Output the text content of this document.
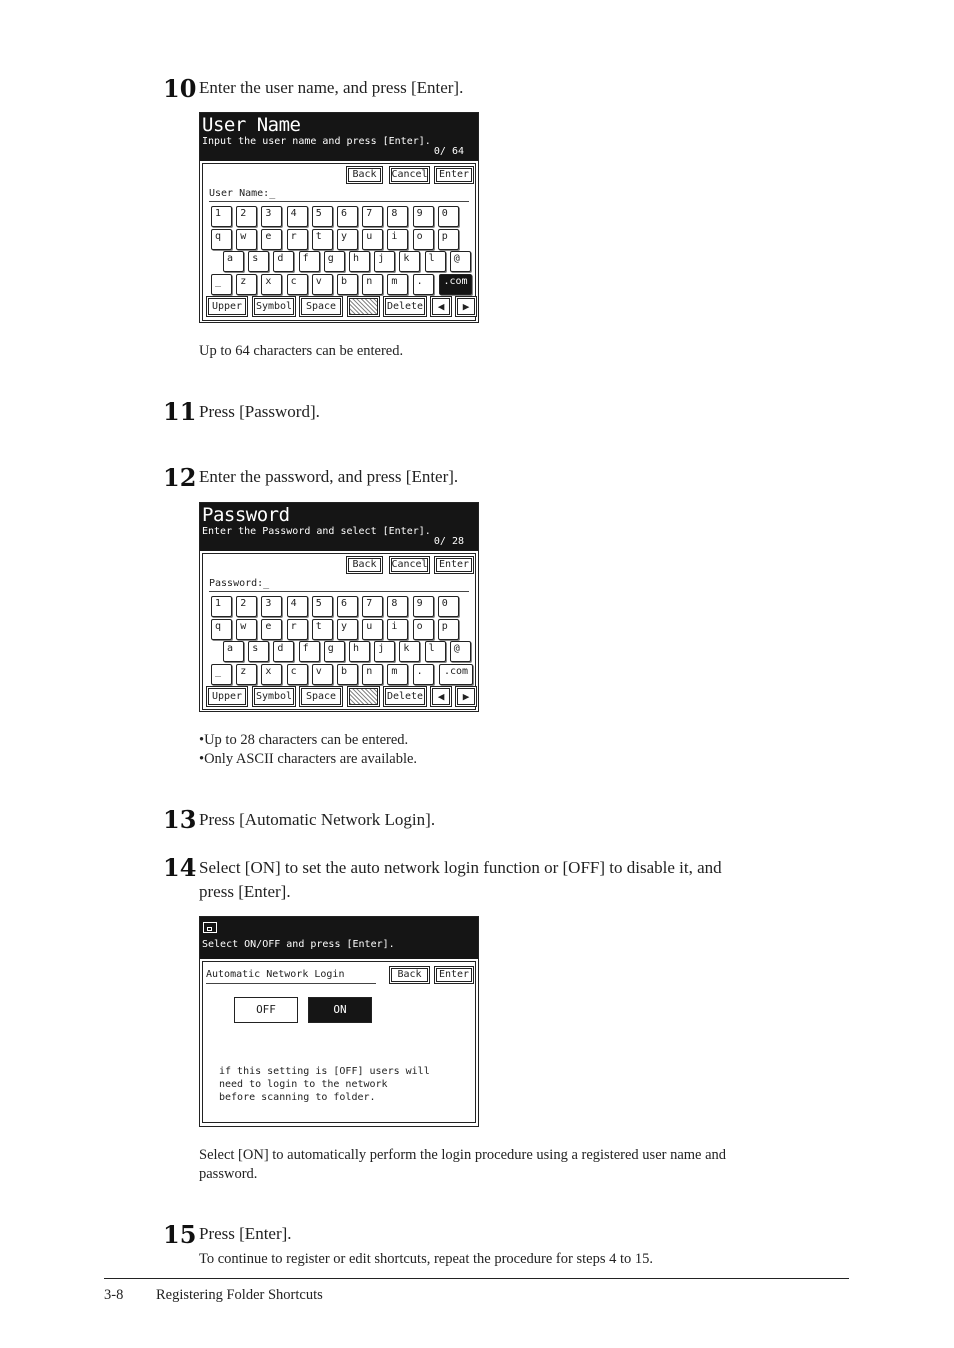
10 Enter the user name, and press [Enter].
User Name
Input the user name and press [Enter].
0/ 64
Back	Cancel	Enter
User Name:_
1	2	3	4	5	6	7	8	9	0
q	w	e	r	t	y	u	i	o	p
a	s	d	f	g	h	j	k	l	@
_	z	x	c	v	b	n	m	.	.com
Upper	Symbol	Space	Delete	◀	▶
Up to 64 characters can be entered.
11 Press [Password].
12 Enter the password, and press [Enter].
Password
Enter the Password and select [Enter].
0/ 28
Back	Cancel	Enter
Password:_
1	2	3	4	5	6	7	8	9	0
q	w	e	r	t	y	u	i	o	p
a	s	d	f	g	h	j	k	l	@
_	z	x	c	v	b	n	m	.	.com
Upper	Symbol	Space	Delete	◀	▶
•Up to 28 characters can be entered.
•Only ASCII characters are available.
13 Press [Automatic Network Login].
14 Select [ON] to set the auto network login function or [OFF] to disable it, and
press [Enter].
Select ON/OFF and press [Enter].
Automatic Network Login	Back	Enter
OFF	ON
if this setting is [OFF] users will
need to login to the network
before scanning to folder.
Select [ON] to automatically perform the login procedure using a registered user name and
password.
15 Press [Enter].
To continue to register or edit shortcuts, repeat the procedure for steps 4 to 15.
3-8 Registering Folder Shortcuts
